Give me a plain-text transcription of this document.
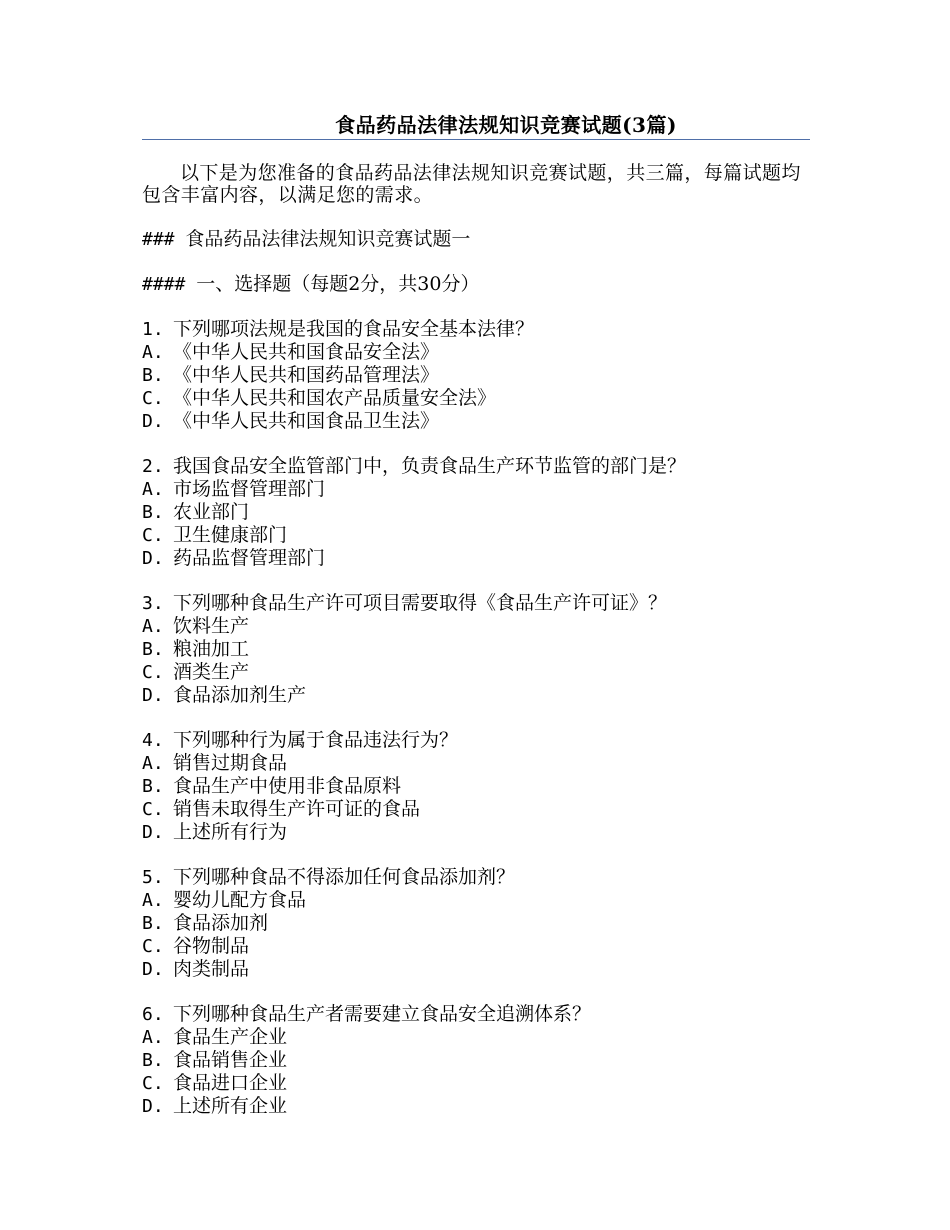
食品药品法律法规知识竞赛试题(3篇)

以下是为您准备的食品药品法律法规知识竞赛试题，共三篇，每篇试题均包含丰富内容，以满足您的需求。

### 食品药品法律法规知识竞赛试题一

#### 一、选择题（每题2分，共30分）

1. 下列哪项法规是我国的食品安全基本法律？

A. 《中华人民共和国食品安全法》

B. 《中华人民共和国药品管理法》

C. 《中华人民共和国农产品质量安全法》

D. 《中华人民共和国食品卫生法》

2. 我国食品安全监管部门中，负责食品生产环节监管的部门是？

A. 市场监督管理部门

B. 农业部门

C. 卫生健康部门

D. 药品监督管理部门

3. 下列哪种食品生产许可项目需要取得《食品生产许可证》？

A. 饮料生产

B. 粮油加工

C. 酒类生产

D. 食品添加剂生产

4. 下列哪种行为属于食品违法行为？

A. 销售过期食品

B. 食品生产中使用非食品原料

C. 销售未取得生产许可证的食品

D. 上述所有行为

5. 下列哪种食品不得添加任何食品添加剂？

A. 婴幼儿配方食品

B. 食品添加剂

C. 谷物制品

D. 肉类制品

6. 下列哪种食品生产者需要建立食品安全追溯体系？

A. 食品生产企业

B. 食品销售企业

C. 食品进口企业

D. 上述所有企业
